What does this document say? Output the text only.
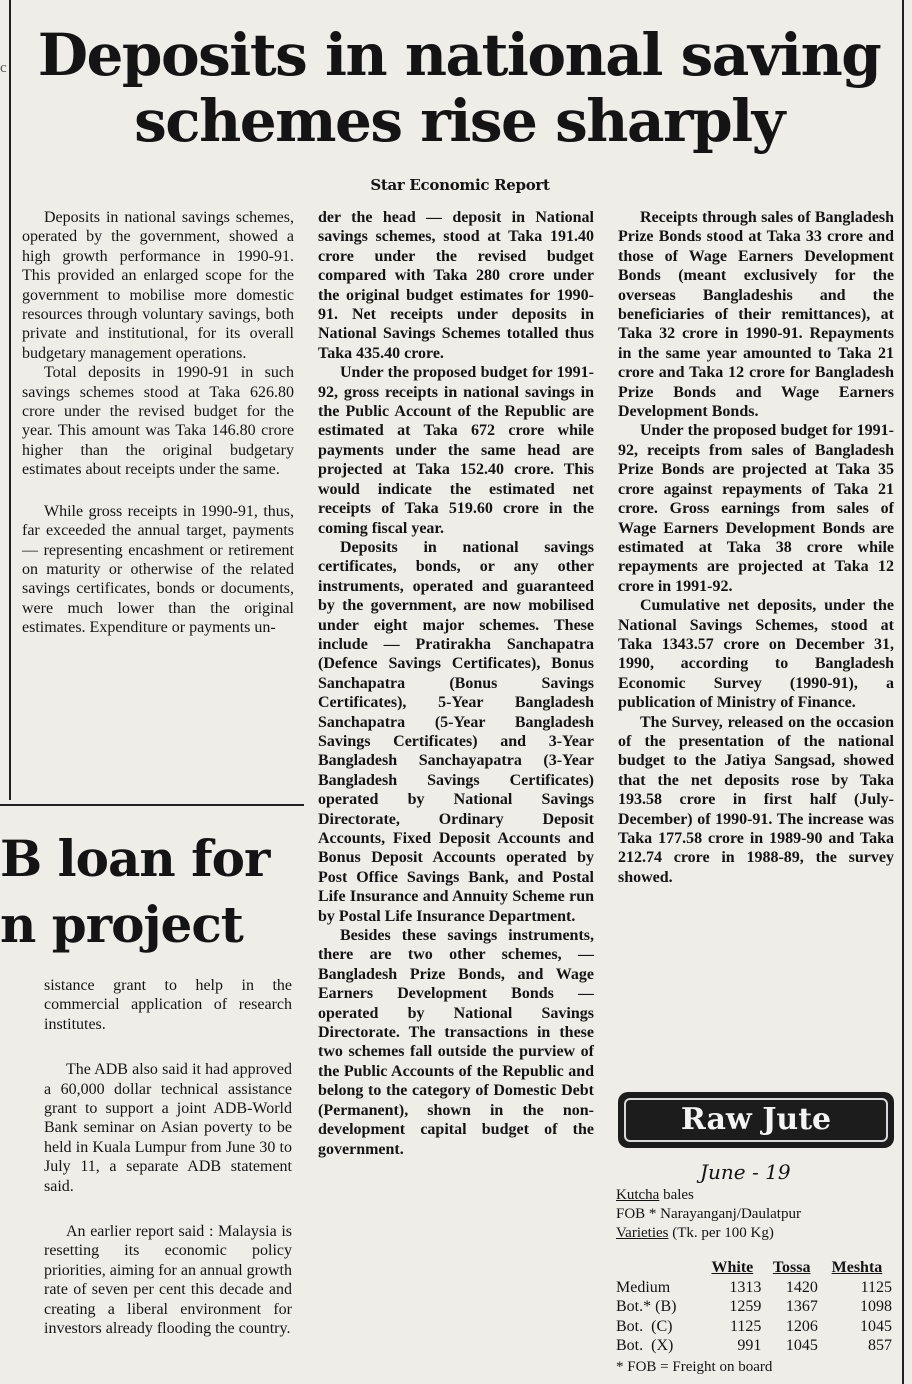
c Deposits in national saving
schemes rise sharply
Star Economic Report

Deposits in national savings schemes, operated by the government, showed a high growth performance in 1990-91. This provided an enlarged scope for the government to mobilise more domestic resources through voluntary savings, both private and institutional, for its overall budgetary management operations.

Total deposits in 1990-91 in such savings schemes stood at Taka 626.80 crore under the revised budget for the year. This amount was Taka 146.80 crore higher than the original budgetary estimates about receipts under the same.

While gross receipts in 1990-91, thus, far exceeded the annual target, payments — representing encashment or retirement on maturity or otherwise of the related savings certificates, bonds or documents, were much lower than the original estimates. Expenditure or payments un-

der the head — deposit in National savings schemes, stood at Taka 191.40 crore under the revised budget compared with Taka 280 crore under the original budget estimates for 1990-91. Net receipts under deposits in National Savings Schemes totalled thus Taka 435.40 crore.

Under the proposed budget for 1991-92, gross receipts in national savings in the Public Account of the Republic are estimated at Taka 672 crore while payments under the same head are projected at Taka 152.40 crore. This would indicate the estimated net receipts of Taka 519.60 crore in the coming fiscal year.

Deposits in national savings certificates, bonds, or any other instruments, operated and guaranteed by the government, are now mobilised under eight major schemes. These include — Pratirakha Sanchapatra (Defence Savings Certificates), Bonus Sanchapatra (Bonus Savings Certificates), 5-Year Bangladesh Sanchapatra (5-Year Bangladesh Savings Certificates) and 3-Year Bangladesh Sanchayapatra (3-Year Bangladesh Savings Certificates) operated by National Savings Directorate, Ordinary Deposit Accounts, Fixed Deposit Accounts and Bonus Deposit Accounts operated by Post Office Savings Bank, and Postal Life Insurance and Annuity Scheme run by Postal Life Insurance Department.

Besides these savings instruments, there are two other schemes, — Bangladesh Prize Bonds, and Wage Earners Development Bonds — operated by National Savings Directorate. The transactions in these two schemes fall outside the purview of the Public Accounts of the Republic and belong to the category of Domestic Debt (Permanent), shown in the non-development capital budget of the government.

Receipts through sales of Bangladesh Prize Bonds stood at Taka 33 crore and those of Wage Earners Development Bonds (meant exclusively for the overseas Bangladeshis and the beneficiaries of their remittances), at Taka 32 crore in 1990-91. Repayments in the same year amounted to Taka 21 crore and Taka 12 crore for Bangladesh Prize Bonds and Wage Earners Development Bonds.

Under the proposed budget for 1991-92, receipts from sales of Bangladesh Prize Bonds are projected at Taka 35 crore against repayments of Taka 21 crore. Gross earnings from sales of Wage Earners Development Bonds are estimated at Taka 38 crore while repayments are projected at Taka 12 crore in 1991-92.

Cumulative net deposits, under the National Savings Schemes, stood at Taka 1343.57 crore on December 31, 1990, according to Bangladesh Economic Survey (1990-91), a publication of Ministry of Finance.

The Survey, released on the occasion of the presentation of the national budget to the Jatiya Sangsad, showed that the net deposits rose by Taka 193.58 crore in first half (July-December) of 1990-91. The increase was Taka 177.58 crore in 1989-90 and Taka 212.74 crore in 1988-89, the survey showed.

B loan for
n project

sistance grant to help in the commercial application of research institutes.

The ADB also said it had approved a 60,000 dollar technical assistance grant to support a joint ADB-World Bank seminar on Asian poverty to be held in Kuala Lumpur from June 30 to July 11, a separate ADB statement said.

An earlier report said : Malaysia is resetting its economic policy priorities, aiming for an annual growth rate of seven per cent this decade and creating a liberal environment for investors already flooding the country.

Raw Jute
June - 19
Kutcha bales
FOB * Narayanganj/Daulatpur
Varieties (Tk. per 100 Kg)
	White	Tossa	Meshta
Medium	1313	1420	1125
Bot.* (B)	1259	1367	1098
Bot.  (C)	1125	1206	1045
Bot.  (X)	991	1045	857
* FOB = Freight on board
